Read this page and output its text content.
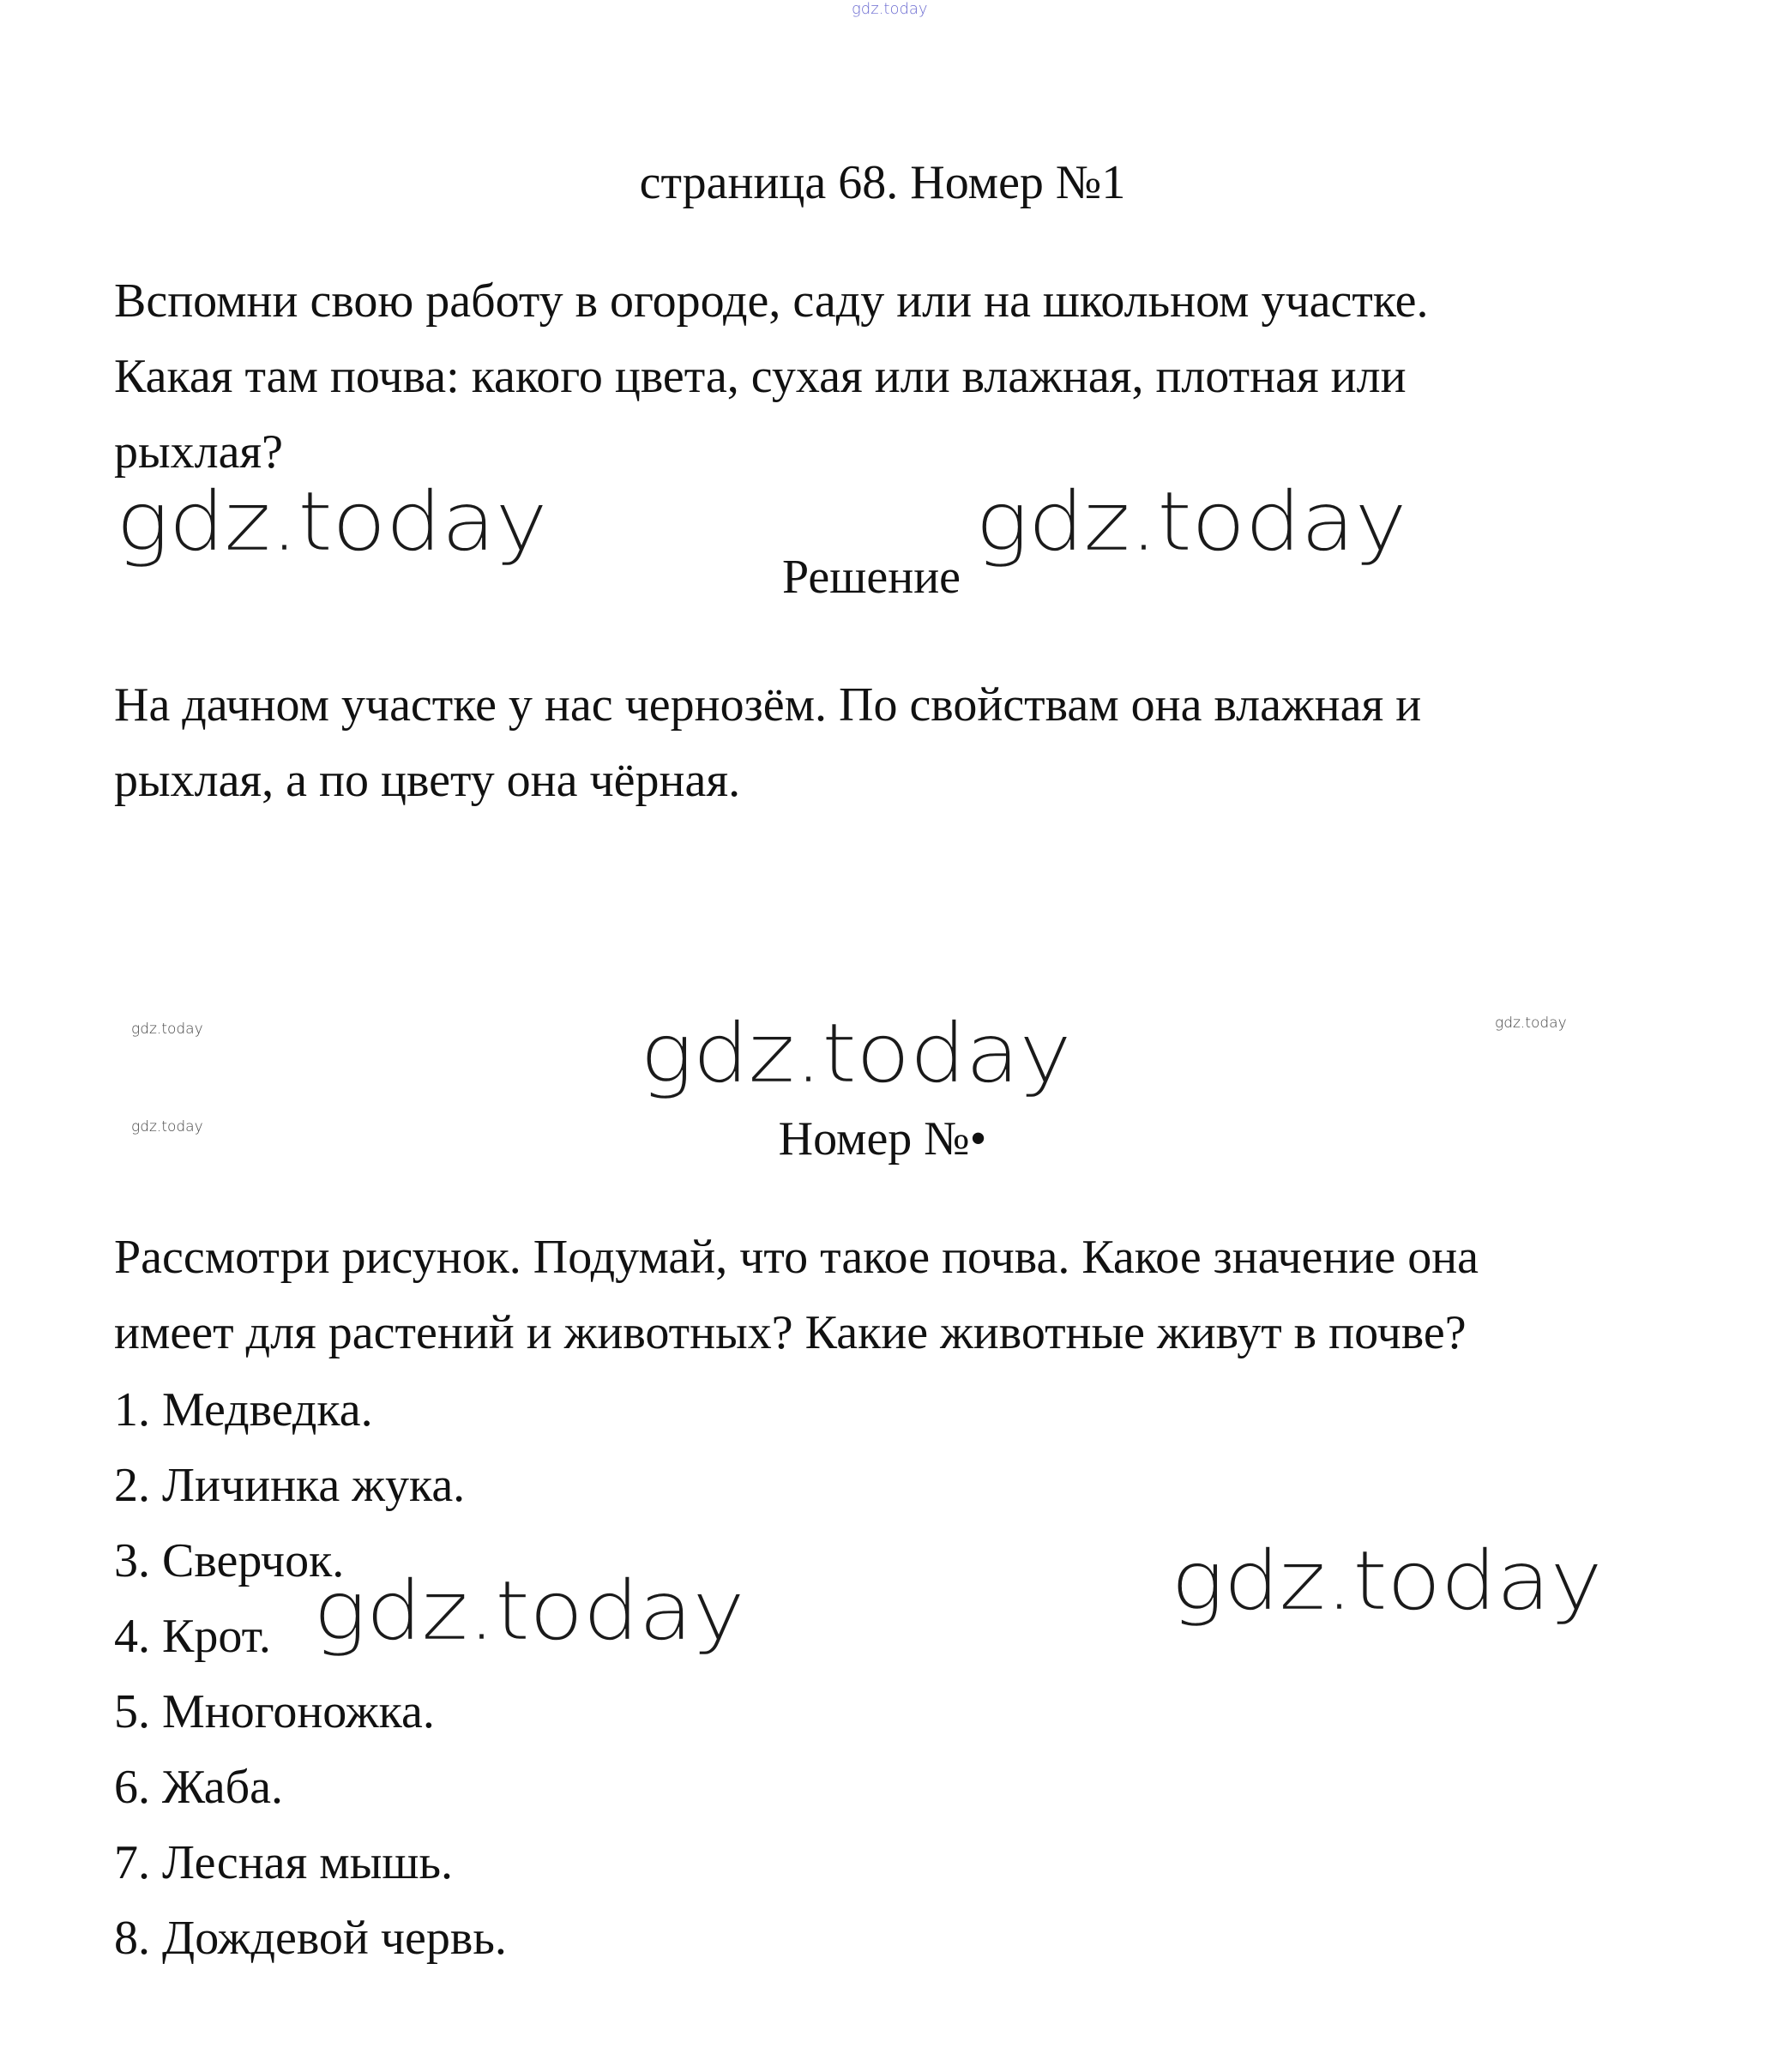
gdz.today
страница 68. Номер №1
Вспомни свою работу в огороде, саду или на школьном участке.
Какая там почва: какого цвета, сухая или влажная, плотная или
рыхлая?
gdz.today	gdz.today
Решение
На дачном участке у нас чернозём. По свойствам она влажная и
рыхлая, а по цвету она чёрная.
gdz.today
gdz.today
gdz.today
gdz.today
Номер №•
Рассмотри рисунок. Подумай, что такое почва. Какое значение она
имеет для растений и животных? Какие животные живут в почве?
1. Медведка.
2. Личинка жука.
3. Сверчок.
4. Крот.
5. Многоножка.
6. Жаба.
7. Лесная мышь.
8. Дождевой червь.
gdz.today	gdz.today
